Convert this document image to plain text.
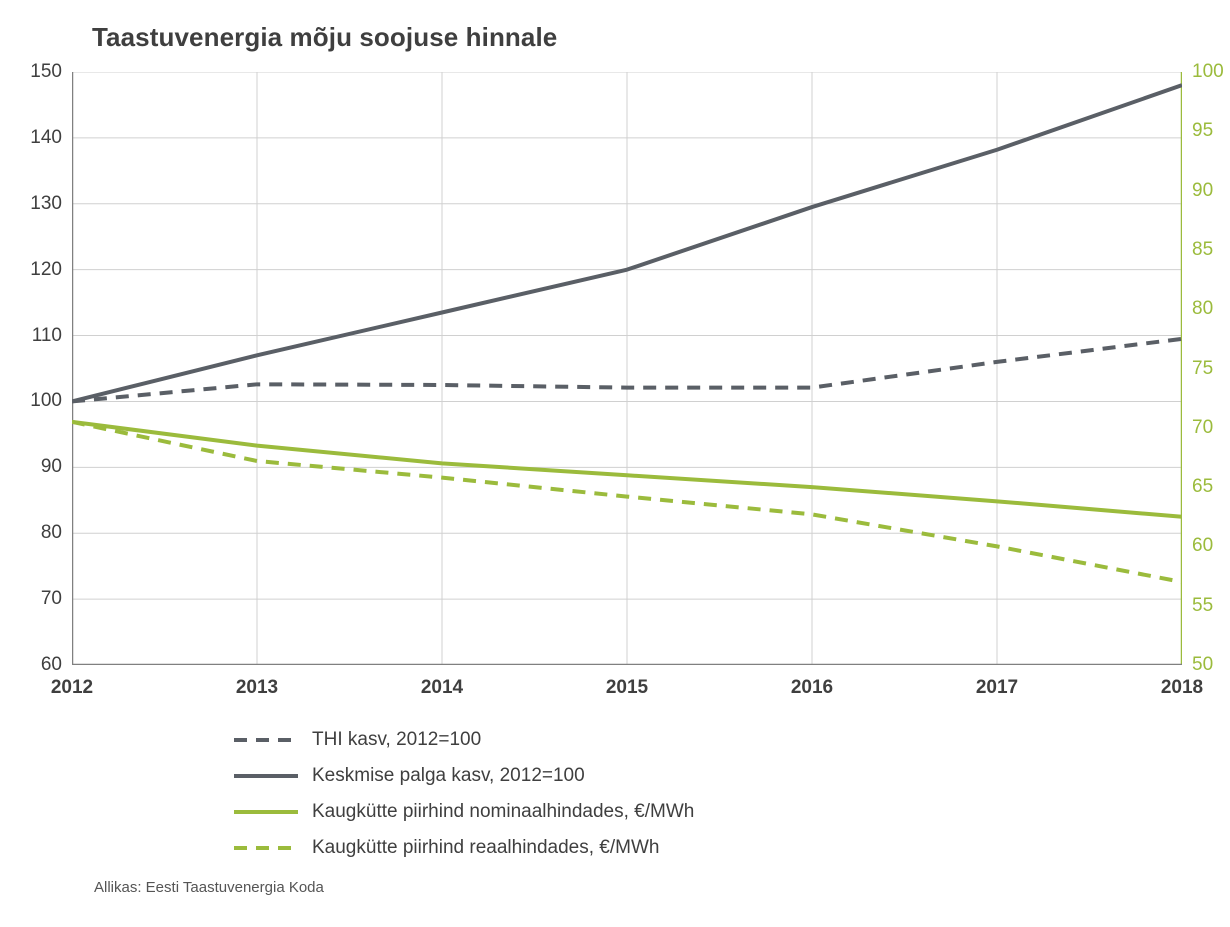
Taastuvenergia mõju soojuse hinnale
60
70
80
90
100
110
120
130
140
150
50
55
60
65
70
75
80
85
90
95
100
2012	2013	2014	2015	2016	2017	2018
THI kasv, 2012=100
Keskmise palga kasv, 2012=100
Kaugkütte piirhind nominaalhindades, €/MWh
Kaugkütte piirhind reaalhindades, €/MWh
Allikas: Eesti Taastuvenergia Koda
